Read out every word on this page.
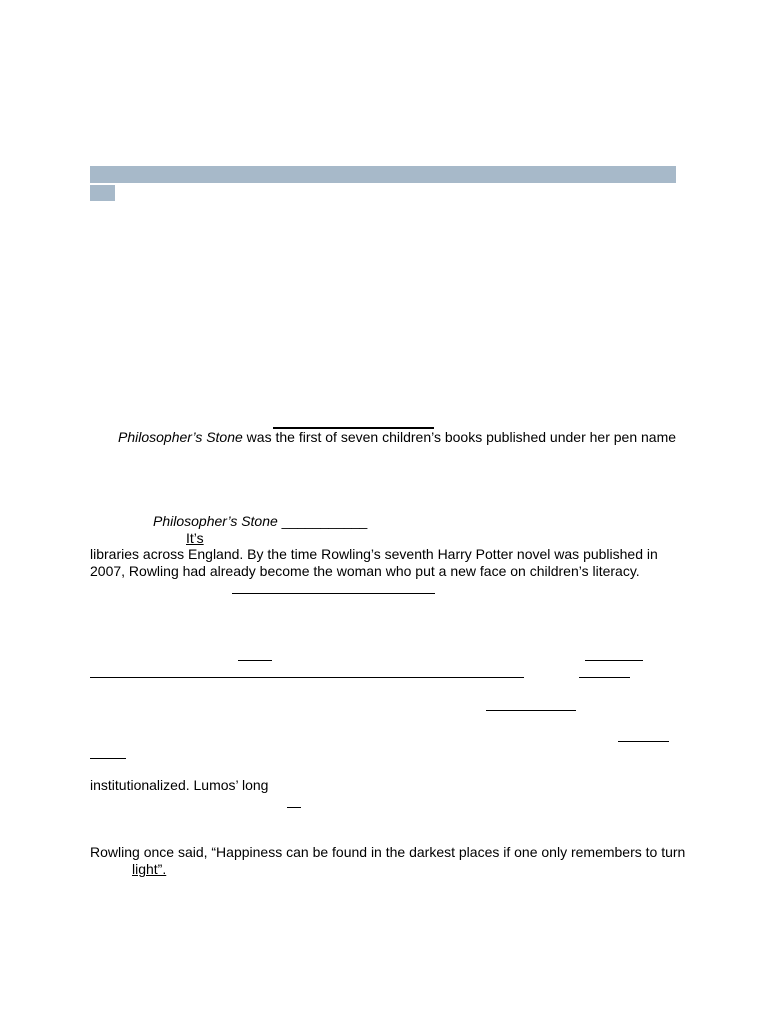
Philosopher’s Stone was the first of seven children’s books published under her pen name
Philosopher’s Stone ___________
It’s
libraries across England. By the time Rowling’s seventh Harry Potter novel was published in
2007, Rowling had already become the woman who put a new face on children’s literacy.
institutionalized. Lumos’ long
Rowling once said, “Happiness can be found in the darkest places if one only remembers to turn
light”.
